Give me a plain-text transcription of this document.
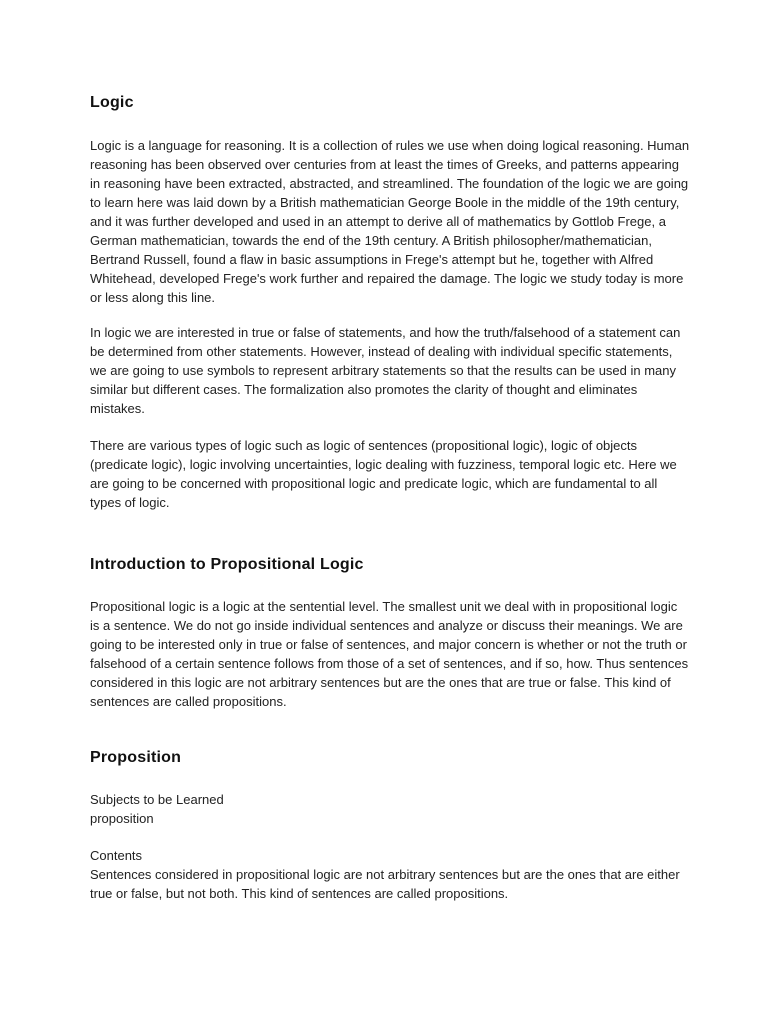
Logic

Logic is a language for reasoning. It is a collection of rules we use when doing logical reasoning. Human reasoning has been observed over centuries from at least the times of Greeks, and patterns appearing in reasoning have been extracted, abstracted, and streamlined. The foundation of the logic we are going to learn here was laid down by a British mathematician George Boole in the middle of the 19th century, and it was further developed and used in an attempt to derive all of mathematics by Gottlob Frege, a German mathematician, towards the end of the 19th century. A British philosopher/mathematician, Bertrand Russell, found a flaw in basic assumptions in Frege's attempt but he, together with Alfred Whitehead, developed Frege's work further and repaired the damage. The logic we study today is more or less along this line.

In logic we are interested in true or false of statements, and how the truth/falsehood of a statement can be determined from other statements. However, instead of dealing with individual specific statements, we are going to use symbols to represent arbitrary statements so that the results can be used in many similar but different cases. The formalization also promotes the clarity of thought and eliminates mistakes.

There are various types of logic such as logic of sentences (propositional logic), logic of objects (predicate logic), logic involving uncertainties, logic dealing with fuzziness, temporal logic etc. Here we are going to be concerned with propositional logic and predicate logic, which are fundamental to all types of logic.

Introduction to Propositional Logic

Propositional logic is a logic at the sentential level. The smallest unit we deal with in propositional logic is a sentence. We do not go inside individual sentences and analyze or discuss their meanings. We are going to be interested only in true or false of sentences, and major concern is whether or not the truth or falsehood of a certain sentence follows from those of a set of sentences, and if so, how. Thus sentences considered in this logic are not arbitrary sentences but are the ones that are true or false. This kind of sentences are called propositions.

Proposition

Subjects to be Learned
proposition

Contents
Sentences considered in propositional logic are not arbitrary sentences but are the ones that are either true or false, but not both. This kind of sentences are called propositions.
